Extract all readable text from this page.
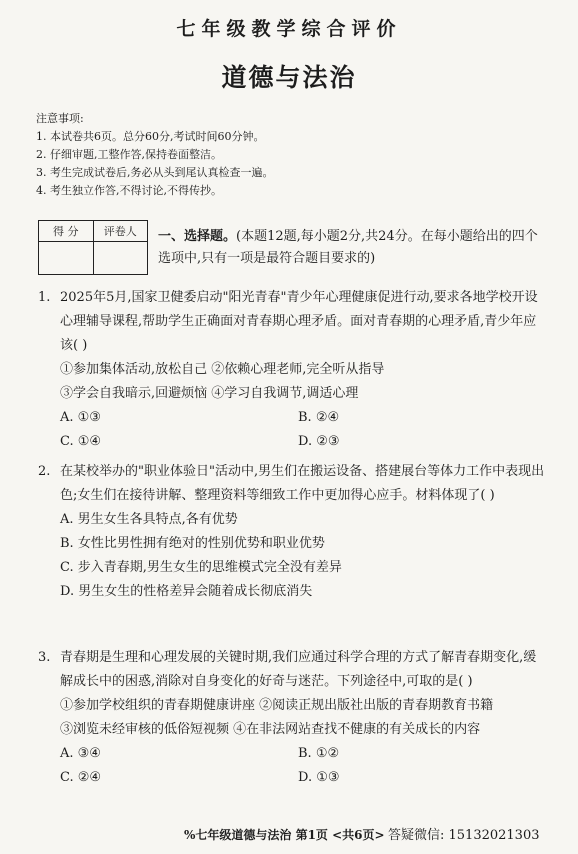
七年级教学综合评价
道德与法治
注意事项:
1. 本试卷共6页。总分60分,考试时间60分钟。
2. 仔细审题,工整作答,保持卷面整洁。
3. 考生完成试卷后,务必从头到尾认真检查一遍。
4. 考生独立作答,不得讨论,不得传抄。
得 分	评卷人
	一、选择题。(本题12题,每小题2分,共24分。在每小题给出的四个选项中,只有一项是最符合题目要求的)
1. 2025年5月,国家卫健委启动"阳光青春"青少年心理健康促进行动,要求各地学校开设心理辅导课程,帮助学生正确面对青春期心理矛盾。面对青春期的心理矛盾,青少年应该( )
①参加集体活动,放松自己 ②依赖心理老师,完全听从指导
③学会自我暗示,回避烦恼 ④学习自我调节,调适心理
A. ①③	B. ②④
C. ①④	D. ②③
2. 在某校举办的"职业体验日"活动中,男生们在搬运设备、搭建展台等体力工作中表现出色;女生们在接待讲解、整理资料等细致工作中更加得心应手。材料体现了( )
A. 男生女生各具特点,各有优势
B. 女性比男性拥有绝对的性别优势和职业优势
C. 步入青春期,男生女生的思维模式完全没有差异
D. 男生女生的性格差异会随着成长彻底消失
3. 青春期是生理和心理发展的关键时期,我们应通过科学合理的方式了解青春期变化,缓解成长中的困惑,消除对自身变化的好奇与迷茫。下列途径中,可取的是( )
①参加学校组织的青春期健康讲座 ②阅读正规出版社出版的青春期教育书籍
③浏览未经审核的低俗短视频 ④在非法网站查找不健康的有关成长的内容
A. ③④	B. ①②
C. ②④	D. ①③
%七年级道德与法治 第1页 <共6页> 答疑微信: 15132021303
